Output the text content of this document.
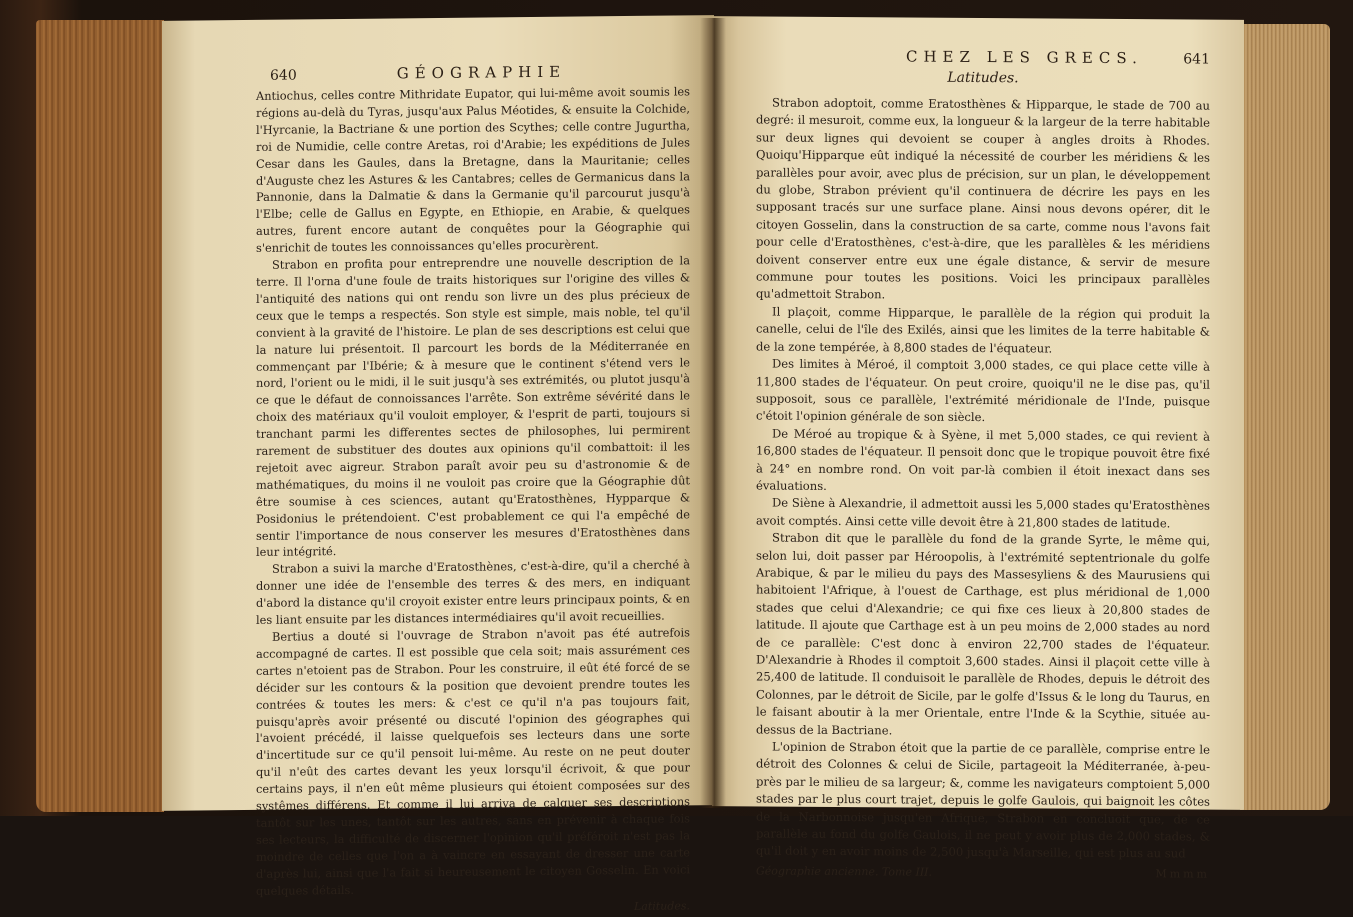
640	GÉOGRAPHIE

Antiochus, celles contre Mithridate Eupator, qui lui-même avoit soumis les régions au-delà du Tyras, jusqu'aux Palus Méotides, & ensuite la Colchide, l'Hyrcanie, la Bactriane & une portion des Scythes; celle contre Jugurtha, roi de Numidie, celle contre Aretas, roi d'Arabie; les expéditions de Jules Cesar dans les Gaules, dans la Bretagne, dans la Mauritanie; celles d'Auguste chez les Astures & les Cantabres; celles de Germanicus dans la Pannonie, dans la Dalmatie & dans la Germanie qu'il parcourut jusqu'à l'Elbe; celle de Gallus en Egypte, en Ethiopie, en Arabie, & quelques autres, furent encore autant de conquêtes pour la Géographie qui s'enrichit de toutes les connoissances qu'elles procurèrent.

Strabon en profita pour entreprendre une nouvelle description de la terre. Il l'orna d'une foule de traits historiques sur l'origine des villes & l'antiquité des nations qui ont rendu son livre un des plus précieux de ceux que le temps a respectés. Son style est simple, mais noble, tel qu'il convient à la gravité de l'histoire. Le plan de ses descriptions est celui que la nature lui présentoit. Il parcourt les bords de la Méditerranée en commençant par l'Ibérie; & à mesure que le continent s'étend vers le nord, l'orient ou le midi, il le suit jusqu'à ses extrémités, ou plutot jusqu'à ce que le défaut de connoissances l'arrête. Son extrême sévérité dans le choix des matériaux qu'il vouloit employer, & l'esprit de parti, toujours si tranchant parmi les differentes sectes de philosophes, lui permirent rarement de substituer des doutes aux opinions qu'il combattoit: il les rejetoit avec aigreur. Strabon paraît avoir peu su d'astronomie & de mathématiques, du moins il ne vouloit pas croire que la Géographie dût être soumise à ces sciences, autant qu'Eratosthènes, Hypparque & Posidonius le prétendoient. C'est probablement ce qui l'a empêché de sentir l'importance de nous conserver les mesures d'Eratosthènes dans leur intégrité.

Strabon a suivi la marche d'Eratosthènes, c'est-à-dire, qu'il a cherché à donner une idée de l'ensemble des terres & des mers, en indiquant d'abord la distance qu'il croyoit exister entre leurs principaux points, & en les liant ensuite par les distances intermédiaires qu'il avoit recueillies.

Bertius a douté si l'ouvrage de Strabon n'avoit pas été autrefois accompagné de cartes. Il est possible que cela soit; mais assurément ces cartes n'etoient pas de Strabon. Pour les construire, il eût été forcé de se décider sur les contours & la position que devoient prendre toutes les contrées & toutes les mers: & c'est ce qu'il n'a pas toujours fait, puisqu'après avoir présenté ou discuté l'opinion des géographes qui l'avoient précédé, il laisse quelquefois ses lecteurs dans une sorte d'incertitude sur ce qu'il pensoit lui-même. Au reste on ne peut douter qu'il n'eût des cartes devant les yeux lorsqu'il écrivoit, & que pour certains pays, il n'en eût même plusieurs qui étoient composées sur des systêmes différens. Et comme il lui arriva de calquer ses descriptions tantôt sur les unes, tantôt sur les autres, sans en prévenir à chaque fois ses lecteurs, la difficulté de discerner l'opinion qu'il préféroit n'est pas la moindre de celles que l'on a à vaincre en essayant de dresser une carte d'après lui, ainsi que l'a fait si heureusement le citoyen Gosselin. En voici quelques détails.

Latitudes.
CHEZ LES GRECS.	641
Latitudes.

Strabon adoptoit, comme Eratosthènes & Hipparque, le stade de 700 au degré: il mesuroit, comme eux, la longueur & la largeur de la terre habitable sur deux lignes qui devoient se couper à angles droits à Rhodes. Quoiqu'Hipparque eût indiqué la nécessité de courber les méridiens & les parallèles pour avoir, avec plus de précision, sur un plan, le développement du globe, Strabon prévient qu'il continuera de décrire les pays en les supposant tracés sur une surface plane. Ainsi nous devons opérer, dit le citoyen Gosselin, dans la construction de sa carte, comme nous l'avons fait pour celle d'Eratosthènes, c'est-à-dire, que les parallèles & les méridiens doivent conserver entre eux une égale distance, & servir de mesure commune pour toutes les positions. Voici les principaux parallèles qu'admettoit Strabon.

Il plaçoit, comme Hipparque, le parallèle de la région qui produit la canelle, celui de l'île des Exilés, ainsi que les limites de la terre habitable & de la zone tempérée, à 8,800 stades de l'équateur.

Des limites à Méroé, il comptoit 3,000 stades, ce qui place cette ville à 11,800 stades de l'équateur. On peut croire, quoiqu'il ne le dise pas, qu'il supposoit, sous ce parallèle, l'extrémité méridionale de l'Inde, puisque c'étoit l'opinion générale de son siècle.

De Méroé au tropique & à Syène, il met 5,000 stades, ce qui revient à 16,800 stades de l'équateur. Il pensoit donc que le tropique pouvoit être fixé à 24° en nombre rond. On voit par-là combien il étoit inexact dans ses évaluations.

De Siène à Alexandrie, il admettoit aussi les 5,000 stades qu'Eratosthènes avoit comptés. Ainsi cette ville devoit être à 21,800 stades de latitude.

Strabon dit que le parallèle du fond de la grande Syrte, le même qui, selon lui, doit passer par Héroopolis, à l'extrémité septentrionale du golfe Arabique, & par le milieu du pays des Massesyliens & des Maurusiens qui habitoient l'Afrique, à l'ouest de Carthage, est plus méridional de 1,000 stades que celui d'Alexandrie; ce qui fixe ces lieux à 20,800 stades de latitude. Il ajoute que Carthage est à un peu moins de 2,000 stades au nord de ce parallèle: C'est donc à environ 22,700 stades de l'équateur. D'Alexandrie à Rhodes il comptoit 3,600 stades. Ainsi il plaçoit cette ville à 25,400 de latitude. Il conduisoit le parallèle de Rhodes, depuis le détroit des Colonnes, par le détroit de Sicile, par le golfe d'Issus & le long du Taurus, en le faisant aboutir à la mer Orientale, entre l'Inde & la Scythie, située au-dessus de la Bactriane.

L'opinion de Strabon étoit que la partie de ce parallèle, comprise entre le détroit des Colonnes & celui de Sicile, partageoit la Méditerranée, à-peu-près par le milieu de sa largeur; &, comme les navigateurs comptoient 5,000 stades par le plus court trajet, depuis le golfe Gaulois, qui baignoit les côtes de la Narbonnoise jusqu'en Afrique, Strabon en concluoit que, de ce parallèle au fond du golfe Gaulois, il ne peut y avoir plus de 2,000 stades, & qu'il doit y en avoir moins de 2,500 jusqu'à Marseille, qui est plus au sud

Géographie ancienne. Tome III.	Mmmm
